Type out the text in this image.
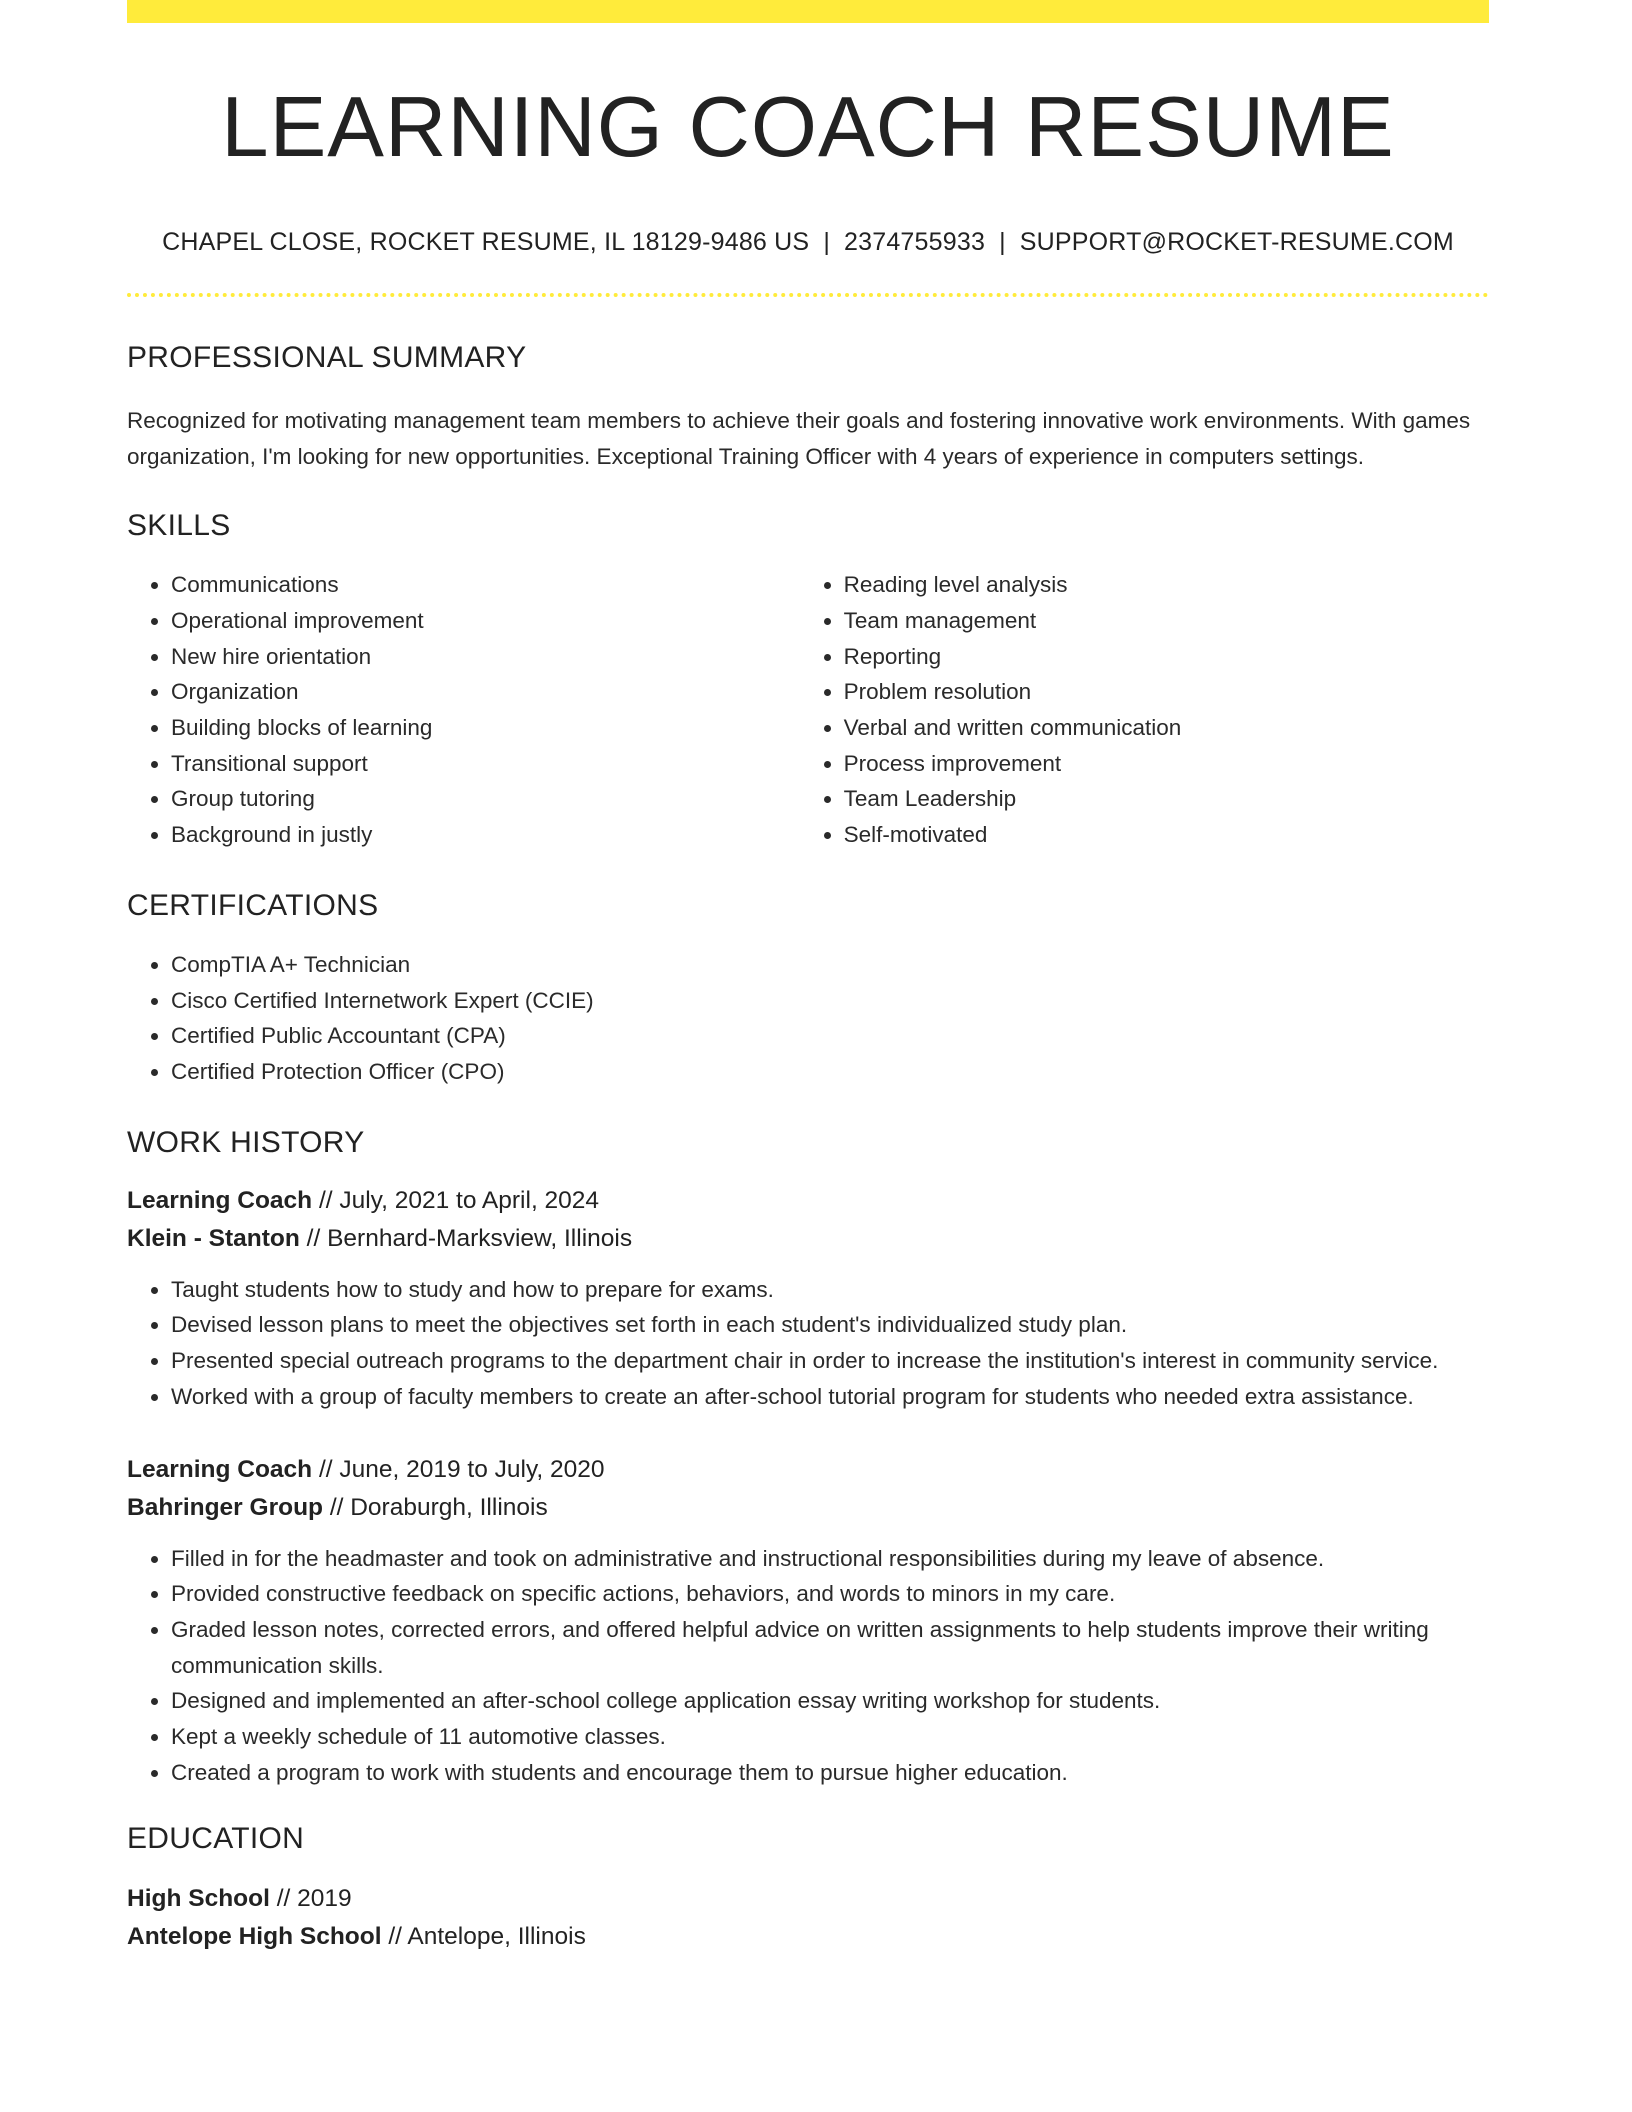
LEARNING COACH RESUME
CHAPEL CLOSE, ROCKET RESUME, IL 18129-9486 US | 2374755933 | SUPPORT@ROCKET-RESUME.COM
PROFESSIONAL SUMMARY
Recognized for motivating management team members to achieve their goals and fostering innovative work environments. With games organization, I'm looking for new opportunities. Exceptional Training Officer with 4 years of experience in computers settings.
SKILLS
• Communications
• Operational improvement
• New hire orientation
• Organization
• Building blocks of learning
• Transitional support
• Group tutoring
• Background in justly
• Reading level analysis
• Team management
• Reporting
• Problem resolution
• Verbal and written communication
• Process improvement
• Team Leadership
• Self-motivated
CERTIFICATIONS
• CompTIA A+ Technician
• Cisco Certified Internetwork Expert (CCIE)
• Certified Public Accountant (CPA)
• Certified Protection Officer (CPO)
WORK HISTORY
Learning Coach // July, 2021 to April, 2024
Klein - Stanton // Bernhard-Marksview, Illinois
• Taught students how to study and how to prepare for exams.
• Devised lesson plans to meet the objectives set forth in each student's individualized study plan.
• Presented special outreach programs to the department chair in order to increase the institution's interest in community service.
• Worked with a group of faculty members to create an after-school tutorial program for students who needed extra assistance.
Learning Coach // June, 2019 to July, 2020
Bahringer Group // Doraburgh, Illinois
• Filled in for the headmaster and took on administrative and instructional responsibilities during my leave of absence.
• Provided constructive feedback on specific actions, behaviors, and words to minors in my care.
• Graded lesson notes, corrected errors, and offered helpful advice on written assignments to help students improve their writing communication skills.
• Designed and implemented an after-school college application essay writing workshop for students.
• Kept a weekly schedule of 11 automotive classes.
• Created a program to work with students and encourage them to pursue higher education.
EDUCATION
High School // 2019
Antelope High School // Antelope, Illinois
